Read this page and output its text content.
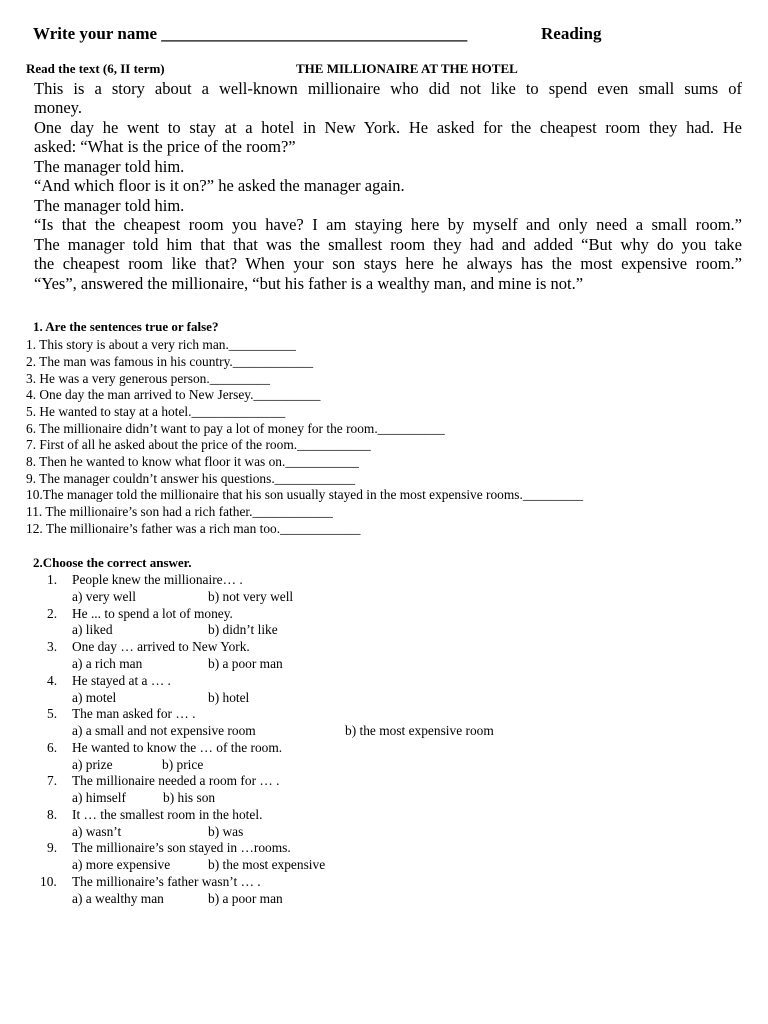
Write your name ____________________________________	Reading
Read the text (6, II term)	THE MILLIONAIRE AT THE HOTEL
This is a story about a well-known millionaire who did not like to spend even small sums of
money.
One day he went to stay at a hotel in New York. He asked for the cheapest room they had. He
asked: “What is the price of the room?”
The manager told him.
“And which floor is it on?” he asked the manager again.
The manager told him.
“Is that the cheapest room you have? I am staying here by myself and only need a small room.”
The manager told him that that was the smallest room they had and added “But why do you take
the cheapest room like that? When your son stays here he always has the most expensive room.”
“Yes”, answered the millionaire, “but his father is a wealthy man, and mine is not.”
1. Are the sentences true or false?
1. This story is about a very rich man.__________
2. The man was famous in his country.____________
3. He was a very generous person._________
4. One day the man arrived to New Jersey.__________
5. He wanted to stay at a hotel.______________
6. The millionaire didn’t want to pay a lot of money for the room.__________
7. First of all he asked about the price of the room.___________
8. Then he wanted to know what floor it was on.___________
9. The manager couldn’t answer his questions.____________
10.The manager told the millionaire that his son usually stayed in the most expensive rooms._________
11. The millionaire’s son had a rich father.____________
12. The millionaire’s father was a rich man too.____________
2.Choose the correct answer.
1. People knew the millionaire… .
a) very well	b) not very well
2. He ... to spend a lot of money.
a) liked	b) didn’t like
3. One day … arrived to New York.
a) a rich man	b) a poor man
4. He stayed at a … .
a) motel	b) hotel
5. The man asked for … .
a) a small and not expensive room	b) the most expensive room
6. He wanted to know the … of the room.
a) prize	b) price
7. The millionaire needed a room for … .
a) himself	b) his son
8. It … the smallest room in the hotel.
a) wasn’t	b) was
9. The millionaire’s son stayed in …rooms.
a) more expensive	b) the most expensive
10. The millionaire’s father wasn’t … .
a) a wealthy man	b) a poor man
